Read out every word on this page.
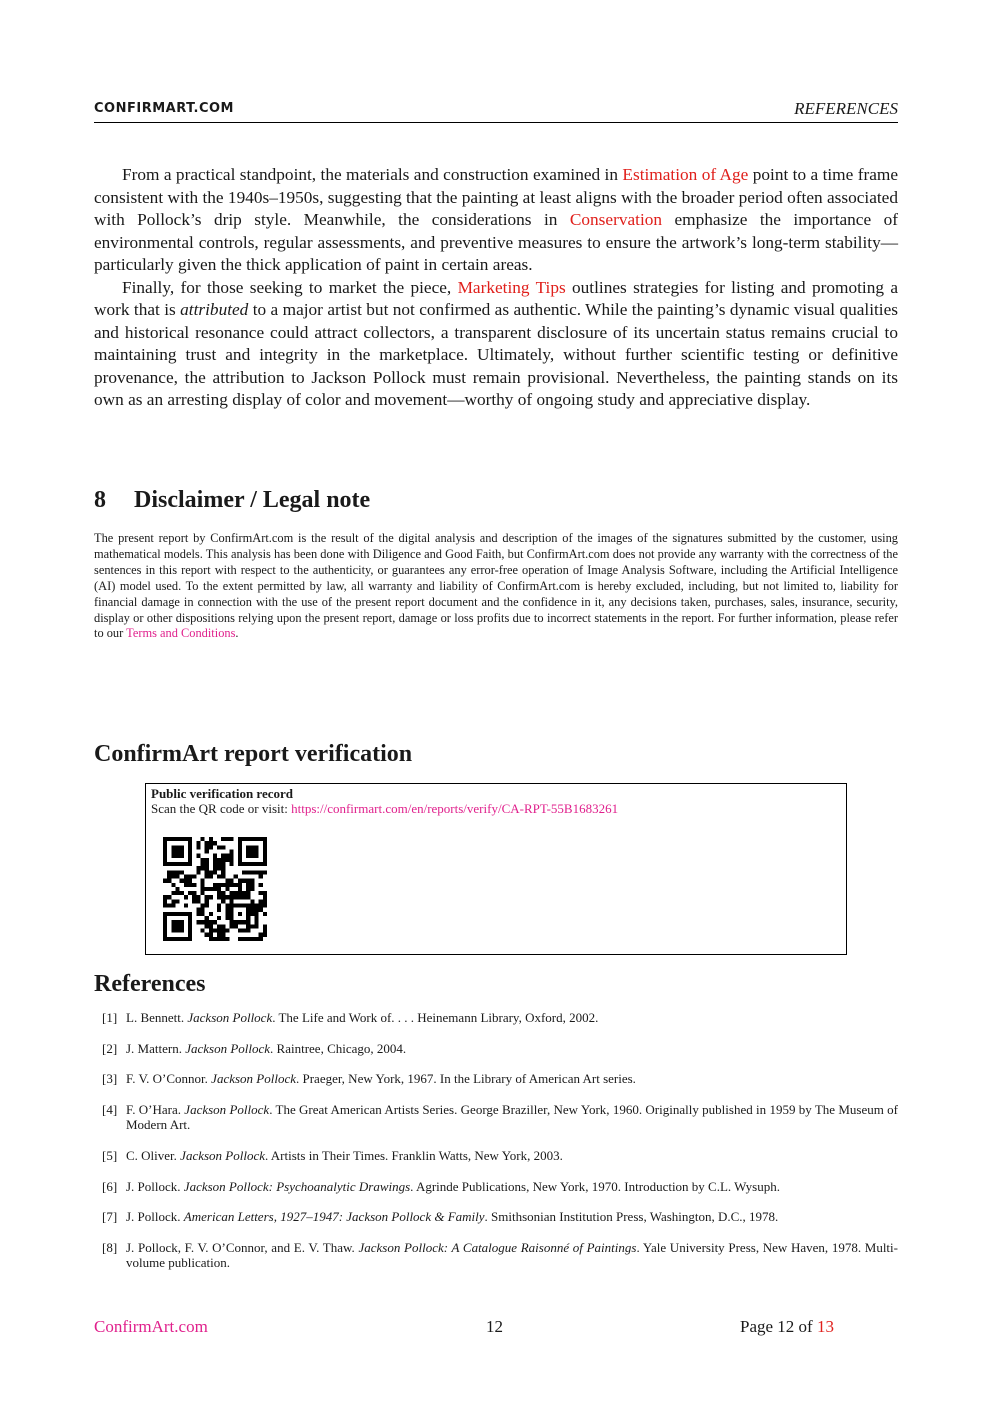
CONFIRMART.COM	REFERENCES

From a practical standpoint, the materials and construction examined in Estimation of Age point to a time frame consistent with the 1940s–1950s, suggesting that the painting at least aligns with the broader period often associated with Pollock’s drip style. Meanwhile, the considerations in Conservation emphasize the importance of environmental controls, regular assessments, and preventive measures to ensure the artwork’s long-term stability—particularly given the thick application of paint in certain areas.

Finally, for those seeking to market the piece, Marketing Tips outlines strategies for listing and promoting a work that is attributed to a major artist but not confirmed as authentic. While the painting’s dynamic visual qualities and historical resonance could attract collectors, a transparent disclosure of its uncertain status remains crucial to maintaining trust and integrity in the marketplace. Ultimately, without further scientific testing or definitive provenance, the attribution to Jackson Pollock must remain provisional. Nevertheless, the painting stands on its own as an arresting display of color and movement—worthy of ongoing study and appreciative display.

8 Disclaimer / Legal note
The present report by ConfirmArt.com is the result of the digital analysis and description of the images of the signatures submitted by the customer, using mathematical models. This analysis has been done with Diligence and Good Faith, but ConfirmArt.com does not provide any warranty with the correctness of the sentences in this report with respect to the authenticity, or guarantees any error-free operation of Image Analysis Software, including the Artificial Intelligence (AI) model used. To the extent permitted by law, all warranty and liability of ConfirmArt.com is hereby excluded, including, but not limited to, liability for financial damage in connection with the use of the present report document and the confidence in it, any decisions taken, purchases, sales, insurance, security, display or other dispositions relying upon the present report, damage or loss profits due to incorrect statements in the report. For further information, please refer to our Terms and Conditions.
ConfirmArt report verification
Public verification record
Scan the QR code or visit: https://confirmart.com/en/reports/verify/CA-RPT-55B1683261
References
[1] L. Bennett. Jackson Pollock. The Life and Work of. . . . Heinemann Library, Oxford, 2002.
[2] J. Mattern. Jackson Pollock. Raintree, Chicago, 2004.
[3] F. V. O’Connor. Jackson Pollock. Praeger, New York, 1967. In the Library of American Art series.
[4] F. O’Hara. Jackson Pollock. The Great American Artists Series. George Braziller, New York, 1960. Originally published in 1959 by The Museum of Modern Art.
[5] C. Oliver. Jackson Pollock. Artists in Their Times. Franklin Watts, New York, 2003.
[6] J. Pollock. Jackson Pollock: Psychoanalytic Drawings. Agrinde Publications, New York, 1970. Introduction by C.L. Wysuph.
[7] J. Pollock. American Letters, 1927–1947: Jackson Pollock & Family. Smithsonian Institution Press, Washington, D.C., 1978.
[8] J. Pollock, F. V. O’Connor, and E. V. Thaw. Jackson Pollock: A Catalogue Raisonné of Paintings. Yale University Press, New Haven, 1978. Multi-volume publication.
ConfirmArt.com	12	Page 12 of 13
